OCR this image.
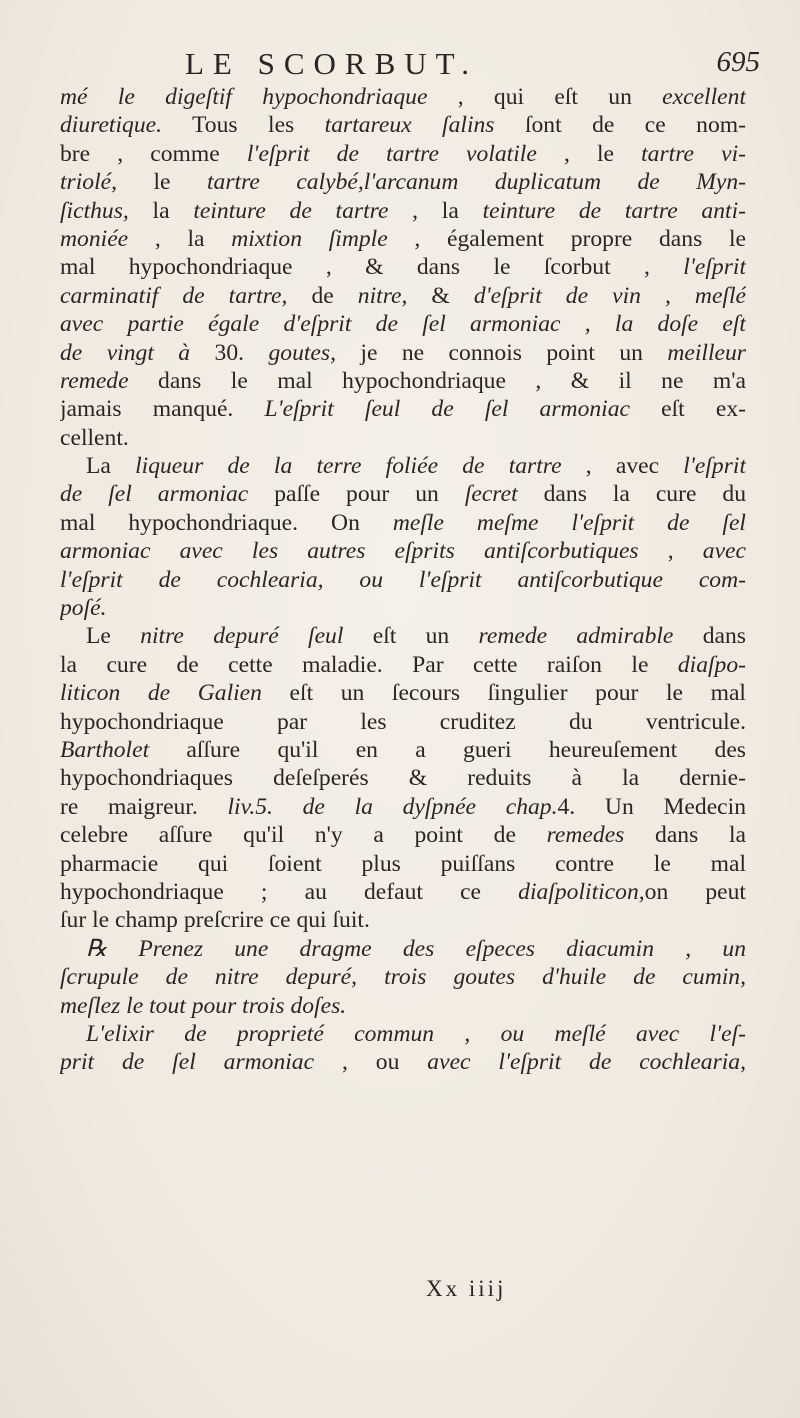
LE SCORBUT.	695
mé le digeſtif hypochondriaque , qui eſt un excellent
diuretique. Tous les tartareux ſalins ſont de ce nom-
bre , comme l'eſprit de tartre volatile , le tartre vi-
triolé, le tartre calybé,l'arcanum duplicatum de Myn-
ſicthus, la teinture de tartre , la teinture de tartre anti-
moniée , la mixtion ſimple , également propre dans le
mal hypochondriaque , & dans le ſcorbut , l'eſprit
carminatif de tartre, de nitre, & d'eſprit de vin , meſlé
avec partie égale d'eſprit de ſel armoniac , la doſe eſt
de vingt à 30. goutes, je ne connois point un meilleur
remede dans le mal hypochondriaque , & il ne m'a
jamais manqué. L'eſprit ſeul de ſel armoniac eſt ex-
cellent.
La liqueur de la terre foliée de tartre , avec l'eſprit
de ſel armoniac paſſe pour un ſecret dans la cure du
mal hypochondriaque. On meſle meſme l'eſprit de ſel
armoniac avec les autres eſprits antiſcorbutiques , avec
l'eſprit de cochlearia, ou l'eſprit antiſcorbutique com-
poſé.
Le nitre depuré ſeul eſt un remede admirable dans
la cure de cette maladie. Par cette raiſon le diaſpo-
liticon de Galien eſt un ſecours ſingulier pour le mal
hypochondriaque par les cruditez du ventricule.
Bartholet aſſure qu'il en a gueri heureuſement des
hypochondriaques deſeſperés & reduits à la dernie-
re maigreur. liv.5. de la dyſpnée chap.4. Un Medecin
celebre aſſure qu'il n'y a point de remedes dans la
pharmacie qui ſoient plus puiſſans contre le mal
hypochondriaque ; au defaut ce diaſpoliticon,on peut
ſur le champ preſcrire ce qui ſuit.
℞ Prenez une dragme des eſpeces diacumin , un
ſcrupule de nitre depuré, trois goutes d'huile de cumin,
meſlez le tout pour trois doſes.
L'elixir de proprieté commun , ou meſlé avec l'eſ-
prit de ſel armoniac , ou avec l'eſprit de cochlearia,
Xx iiij
